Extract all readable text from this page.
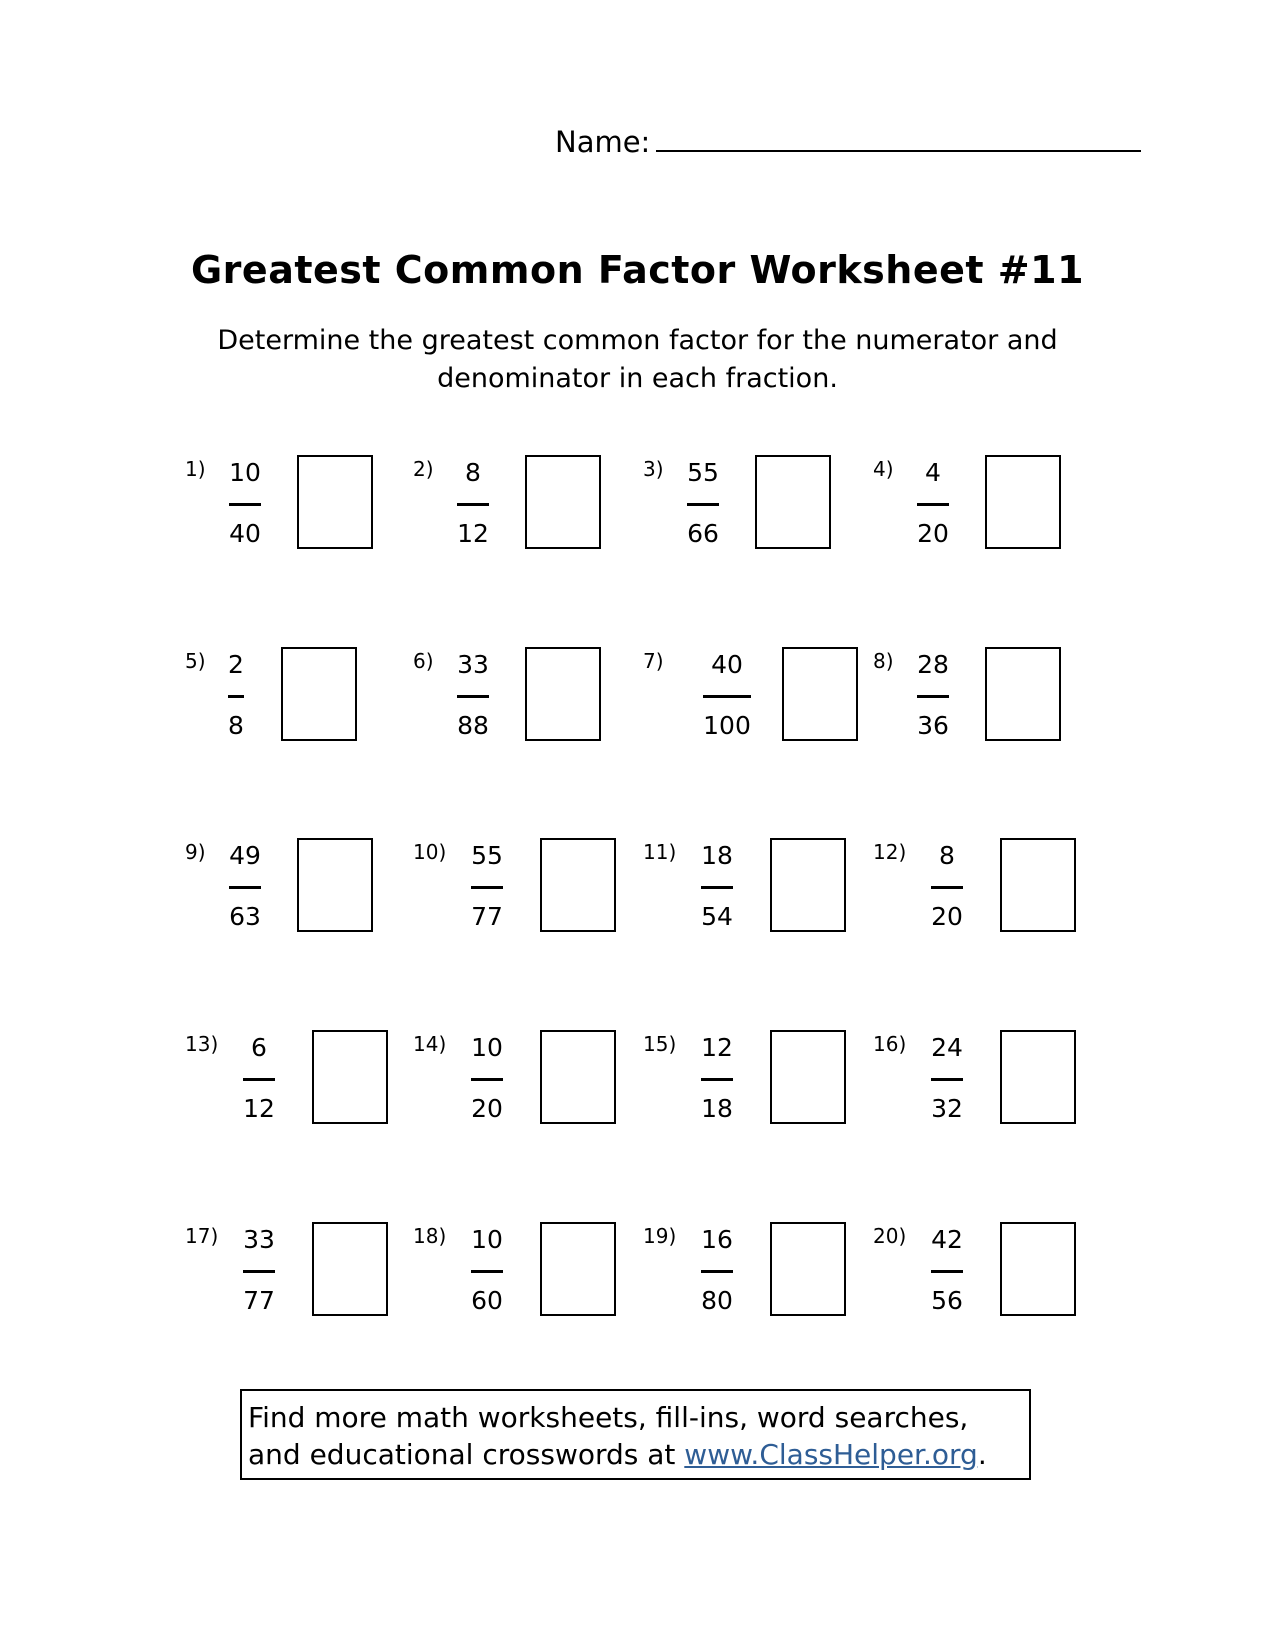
Name:
Greatest Common Factor Worksheet #11
Determine the greatest common factor for the numerator and denominator in each fraction.
1) 10
40
2)	8
12
3) 55
66
4)	4
20
5) 2
8
6) 33
88
7)	40
100
8) 28
36
9) 49
63
10) 55
77
11) 18
54
12)	8
20
13)	6
12
14) 10
20
15) 12
18
16) 24
32
17) 33
77
18) 10
60
19) 16
80
20) 42
56
Find more math worksheets, fill-ins, word searches,
and educational crosswords at www.ClassHelper.org.
